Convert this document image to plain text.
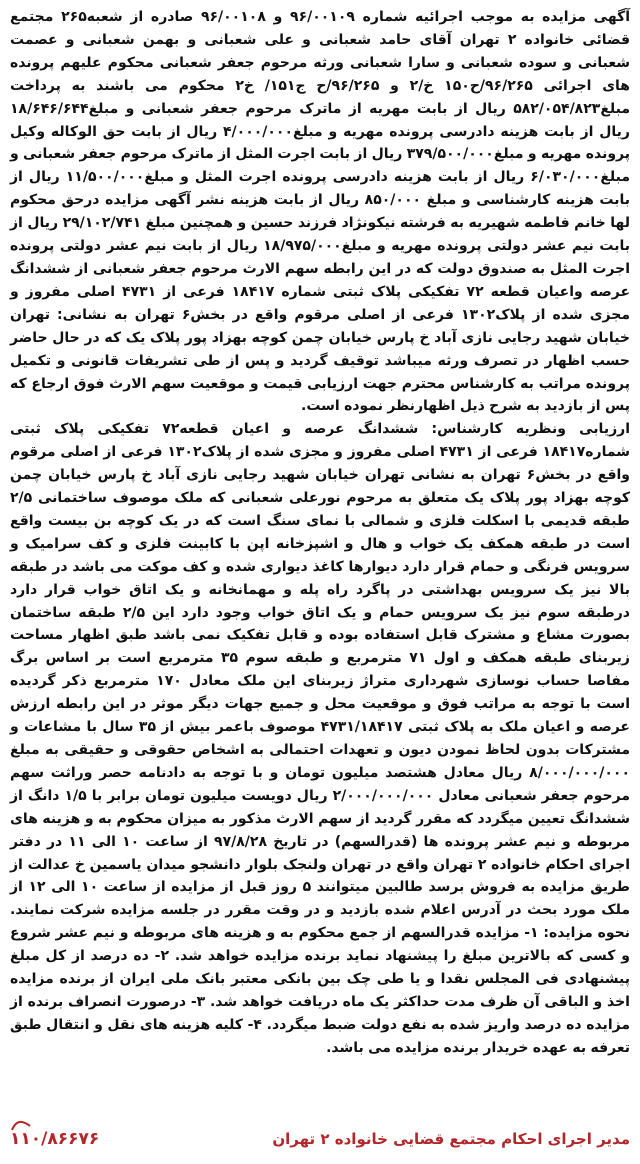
آگهی مزایده به موجب اجرائیه شماره ۹۶/۰۰۱۰۹ و ۹۶/۰۰۱۰۸ صادره از شعبه۲۶۵ مجتمع قضائی خانواده ۲ تهران آقای حامد شعبانی و علی شعبانی و بهمن شعبانی و عصمت شعبانی و سوده شعبانی و سارا شعبانی ورثه مرحوم جعفر شعبانی محکوم علیهم پرونده های اجرائی ۹۶/۲۶۵/ح۱۵۰ خ/۲ و ۹۶/۲۶۵/ح ج۱۵۱/ خ۲ محکوم می باشند به پرداخت مبلغ۵۸۲/۰۵۴/۸۲۳ ریال از بابت مهریه از ماترک مرحوم جعفر شعبانی و مبلغ۱۸/۶۴۶/۶۴۴ ریال از بابت هزینه دادرسی پرونده مهریه و مبلغ۴/۰۰۰/۰۰۰ ریال از بابت حق الوکاله وکیل پرونده مهریه و مبلغ۳۷۹/۵۰۰/۰۰۰ ریال از بابت اجرت المثل از ماترک مرحوم جعفر شعبانی و مبلغ۶/۰۳۰/۰۰۰ ریال از بابت هزینه دادرسی پرونده اجرت المثل و مبلغ۱۱/۵۰۰/۰۰۰ ریال از بابت هزینه کارشناسی و مبلغ ۸۵۰/۰۰۰ ریال از بابت هزینه نشر آگهی مزایده درحق محکوم لها خانم فاطمه شهیریه به فرشته نیکونژاد فرزند حسین و همچنین مبلغ ۲۹/۱۰۲/۷۴۱ ریال از بابت نیم عشر دولتی پرونده مهریه و مبلغ۱۸/۹۷۵/۰۰۰ ریال از بابت نیم عشر دولتی پرونده اجرت المثل به صندوق دولت که در این رابطه سهم الارث مرحوم جعفر شعبانی از ششدانگ عرصه واعیان قطعه ۷۲ تفکیکی پلاک ثبتی شماره ۱۸۴۱۷ فرعی از ۴۷۳۱ اصلی مفروز و مجزی شده از پلاک۱۳۰۲ فرعی از اصلی مرقوم واقع در بخش۶ تهران به نشانی: تهران خیابان شهید رجایی نازی آباد خ پارس خیابان چمن کوچه بهزاد پور پلاک یک که در حال حاضر حسب اظهار در تصرف ورثه میباشد توقیف گردید و پس از طی تشریفات قانونی و تکمیل پرونده مراتب به کارشناس محترم جهت ارزیابی قیمت و موقعیت سهم الارث فوق ارجاع که پس از بازدید به شرح ذیل اظهارنظر نموده است.

ارزیابی ونظریه کارشناس: ششدانگ عرصه و اعیان قطعه۷۲ تفکیکی پلاک ثبتی شماره۱۸۴۱۷ فرعی از ۴۷۳۱ اصلی مفروز و مجزی شده از پلاک۱۳۰۲ فرعی از اصلی مرقوم واقع در بخش۶ تهران به نشانی تهران خیابان شهید رجایی نازی آباد خ پارس خیابان چمن کوچه بهزاد پور پلاک یک متعلق به مرحوم نورعلی شعبانی که ملک موصوف ساختمانی ۲/۵ طبقه قدیمی با اسکلت فلزی و شمالی با نمای سنگ است که در یک کوچه بن بیست واقع است در طبقه همکف یک خواب و هال و اشپزخانه اپن با کابینت فلزی و کف سرامیک و سرویس فرنگی و حمام قرار دارد دیوارها کاغذ دیواری شده و کف موکت می باشد در طبقه بالا نیز یک سرویس بهداشتی در پاگرد راه پله و مهمانخانه و یک اتاق خواب قرار دارد درطبقه سوم نیز یک سرویس حمام و یک اتاق خواب وجود دارد این ۲/۵ طبقه ساختمان بصورت مشاع و مشترک قابل استفاده بوده و قابل تفکیک نمی باشد طبق اظهار مساحت زیربنای طبقه همکف و اول ۷۱ مترمربع و طبقه سوم ۳۵ مترمربع است بر اساس برگ مفاصا حساب نوسازی شهرداری متراژ زیربنای این ملک معادل ۱۷۰ مترمربع ذکر گردیده است با توجه به مراتب فوق و موقعیت محل و جمیع جهات دیگر موثر در این رابطه ارزش عرصه و اعیان ملک به پلاک ثبتی ۴۷۳۱/۱۸۴۱۷ موصوف باعمر بیش از ۳۵ سال با مشاعات و مشترکات بدون لحاظ نمودن دیون و تعهدات احتمالی به اشخاص حقوقی و حقیقی به مبلغ ۸/۰۰۰/۰۰۰/۰۰۰ ریال معادل هشتصد میلیون تومان و با توجه به دادنامه حصر وراثت سهم مرحوم جعفر شعبانی معادل ۲/۰۰۰/۰۰۰/۰۰۰ ریال دویست میلیون تومان برابر با ۱/۵ دانگ از ششدانگ تعیین میگردد که مقرر گردید از سهم الارث مذکور به میزان محکوم به و هزینه های مربوطه و نیم عشر پرونده ها (قدرالسهم) در تاریخ ۹۷/۸/۲۸ از ساعت ۱۰ الی ۱۱ در دفتر اجرای احکام خانواده ۲ تهران واقع در تهران ولنجک بلوار دانشجو میدان یاسمین خ عدالت از طریق مزایده به فروش برسد طالبین میتوانند ۵ روز قبل از مزایده از ساعت ۱۰ الی ۱۲ از ملک مورد بحث در آدرس اعلام شده بازدید و در وقت مقرر در جلسه مزایده شرکت نمایند. نحوه مزایده: ۱- مزایده قدرالسهم از جمع محکوم به و هزینه های مربوطه و نیم عشر شروع و کسی که بالاترین مبلغ را پیشنهاد نماید برنده مزایده خواهد شد. ۲- ده درصد از کل مبلغ پیشنهادی فی المجلس نقدا و یا طی چک بین بانکی معتبر بانک ملی ایران از برنده مزایده اخذ و الباقی آن ظرف مدت حداکثر یک ماه دریافت خواهد شد. ۳- درصورت انصراف برنده از مزایده ده درصد واریز شده به نفع دولت ضبط میگردد. ۴- کلیه هزینه های نقل و انتقال طبق تعرفه به عهده خریدار برنده مزایده می باشد.

مدیر اجرای احکام مجتمع قضایی خانواده ۲ تهران
۱۱۰/۸۶۶۷۶
